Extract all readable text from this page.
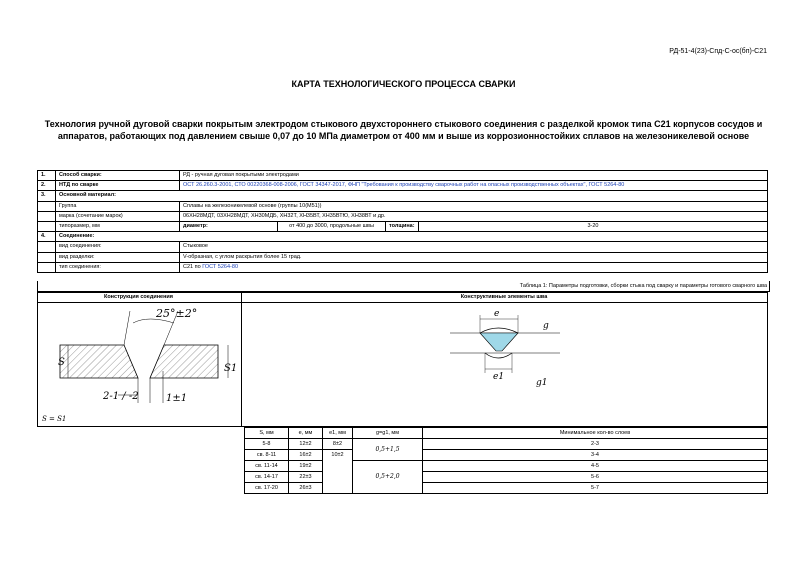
РД-51-4(23)-Спд-С-ос(бп)-С21
КАРТА ТЕХНОЛОГИЧЕСКОГО ПРОЦЕССА СВАРКИ
Технология ручной дуговой сварки покрытым электродом стыкового двухстороннего стыкового соединения с разделкой кромок типа С21 корпусов сосудов и
аппаратов, работающих под давлением свыше 0,07 до 10 МПа диаметром от 400 мм и выше из коррозионностойких сплавов на железоникелевой основе
1.	Способ сварки:	РД - ручная дуговая покрытыми электродами			
2.	НТД по сварке	ОСТ 26.260.3-2001, СТО 00220368-008-2006, ГОСТ 34347-2017, ФНП "Требования к производству сварочных работ на опасных производственных объектах", ГОСТ 5264-80			
3.	Основной материал:				
	Группа	Сплавы на железоникелевой основе (группы 10(М51))			
	марка (сочетание марок)	06ХН28МДТ, 03ХН28МДТ, ХН30МДБ, ХН32Т, ХН35ВТ, ХН35ВТЮ, ХН38ВТ и др.			
	типоразмер, мм	диаметр:	от 400 до 3000, продольные швы	толщина:	3-20
4.	Соединение:				
	вид соединения:	Стыковое			
	вид разделки:	V-образная, с углом раскрытия более 15 град.			
	тип соединения:	С21 по ГОСТ 5264-80			
Таблица 1: Параметры подготовки, сборки стыка под сварку и параметры готового сварного шва
Конструкция соединения	Конструктивные элементы шва
25°±2°
S
S1
2-1 / -2	1±1
S = S1
e
g
e1
g1
S, мм	e, мм	e1, мм	g=g1, мм	Минимальное кол-во слоев
5-8	12±2	8±2	0,5+1,5	2-3
св. 8-11	16±2	10±2		3-4
св. 11-14	19±2		0,5+2,0	4-5
св. 14-17	22±3			5-6
св. 17-20	26±3			5-7
